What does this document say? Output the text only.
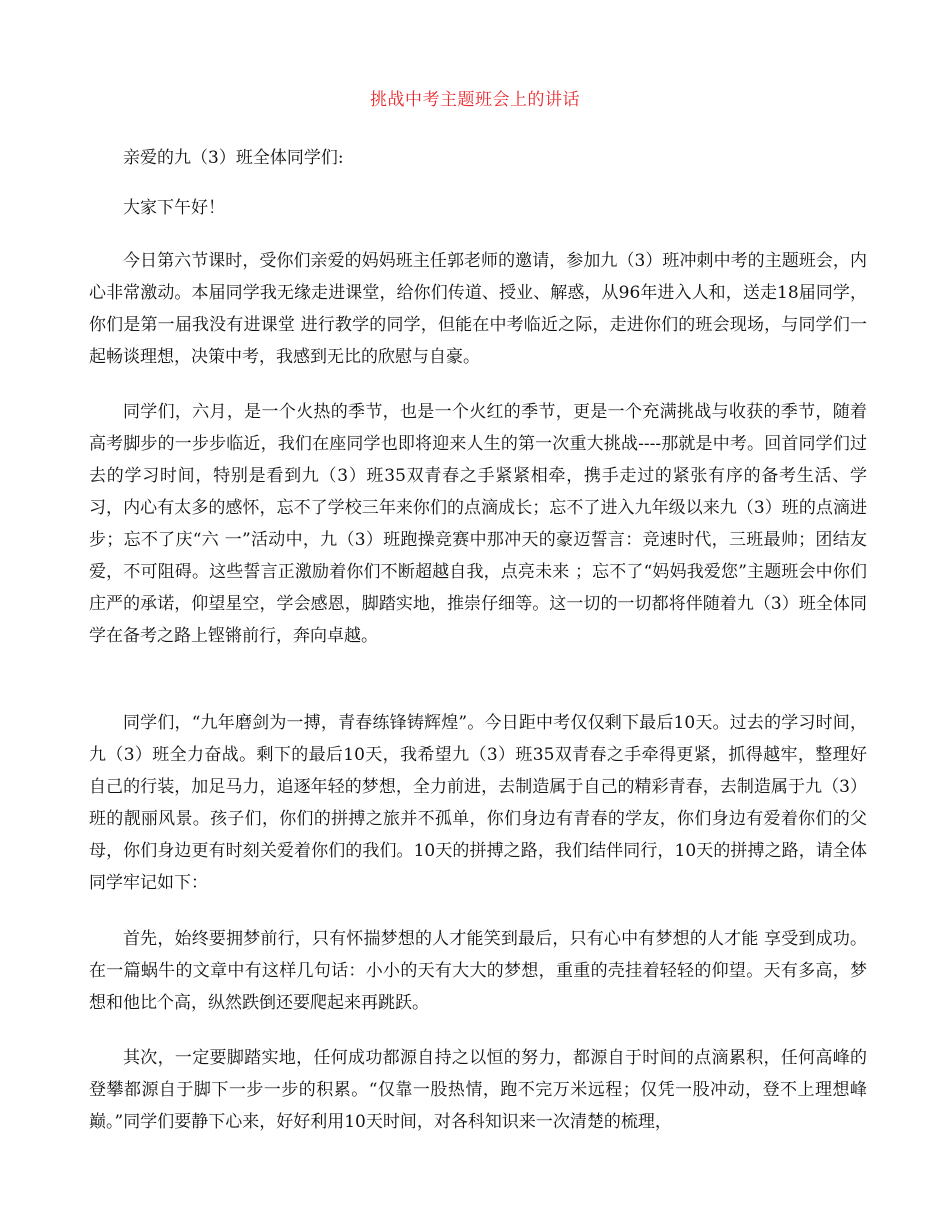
挑战中考主题班会上的讲话

亲爱的九（3）班全体同学们:

大家下午好！

今日第六节课时，受你们亲爱的妈妈班主任郭老师的邀请，参加九（3）班冲刺中考的主题班会，内心非常激动。本届同学我无缘走进课堂，给你们传道、授业、解惑，从96年进入人和，送走18届同学，你们是第一届我没有进课堂 进行教学的同学，但能在中考临近之际，走进你们的班会现场，与同学们一起畅谈理想，决策中考，我感到无比的欣慰与自豪。

同学们，六月，是一个火热的季节，也是一个火红的季节，更是一个充满挑战与收获的季节，随着高考脚步的一步步临近，我们在座同学也即将迎来人生的第一次重大挑战----那就是中考。回首同学们过去的学习时间，特别是看到九（3）班35双青春之手紧紧相牵，携手走过的紧张有序的备考生活、学习，内心有太多的感怀，忘不了学校三年来你们的点滴成长；忘不了进入九年级以来九（3）班的点滴进步；忘不了庆“六 一”活动中，九（3）班跑操竞赛中那冲天的豪迈誓言：竞速时代，三班最帅；团结友爱，不可阻碍。这些誓言正激励着你们不断超越自我，点亮未来 ；忘不了“妈妈我爱您”主题班会中你们庄严的承诺，仰望星空，学会感恩，脚踏实地，推崇仔细等。这一切的一切都将伴随着九（3）班全体同学在备考之路上铿锵前行，奔向卓越。

同学们，“九年磨剑为一搏，青春练锋铸辉煌”。今日距中考仅仅剩下最后10天。过去的学习时间，九（3）班全力奋战。剩下的最后10天，我希望九（3）班35双青春之手牵得更紧，抓得越牢，整理好自己的行装，加足马力，追逐年轻的梦想，全力前进，去制造属于自己的精彩青春，去制造属于九（3）班的靓丽风景。孩子们，你们的拼搏之旅并不孤单，你们身边有青春的学友，你们身边有爱着你们的父母，你们身边更有时刻关爱着你们的我们。10天的拼搏之路，我们结伴同行，10天的拼搏之路，请全体同学牢记如下：

首先，始终要拥梦前行，只有怀揣梦想的人才能笑到最后，只有心中有梦想的人才能 享受到成功。在一篇蜗牛的文章中有这样几句话：小小的天有大大的梦想，重重的壳挂着轻轻的仰望。天有多高，梦想和他比个高，纵然跌倒还要爬起来再跳跃。

其次，一定要脚踏实地，任何成功都源自持之以恒的努力，都源自于时间的点滴累积，任何高峰的登攀都源自于脚下一步一步的积累。“仅靠一股热情，跑不完万米远程；仅凭一股冲动，登不上理想峰巅。”同学们要静下心来，好好利用10天时间，对各科知识来一次清楚的梳理，
